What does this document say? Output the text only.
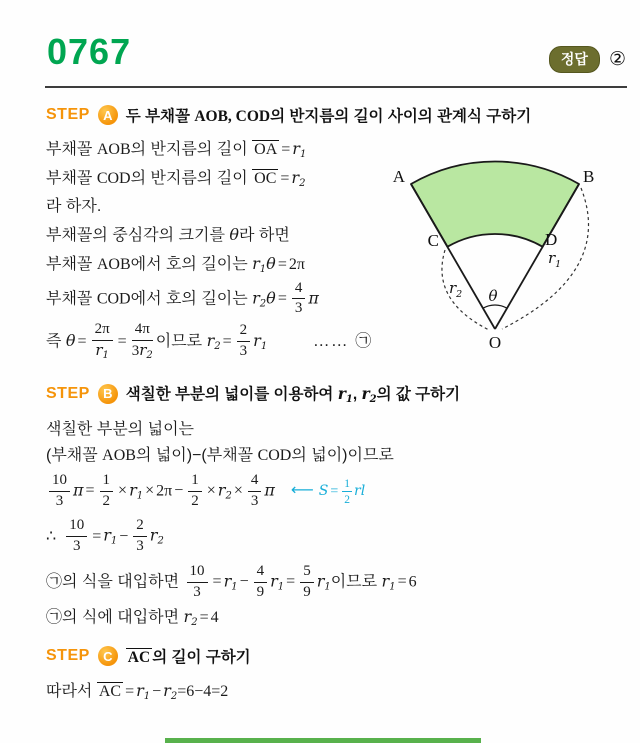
0767	정답	②
STEP	A 두 부채꼴 AOB, COD의 반지름의 길이 사이의 관계식 구하기

부채꼴 AOB의 반지름의 길이 OA = $r_1$

부채꼴 COD의 반지름의 길이 OC = $r_2$

라 하자.

부채꼴의 중심각의 크기를 θ라 하면

부채꼴 AOB에서 호의 길이는 $r_1\theta = 2\pi$

부채꼴 COD에서 호의 길이는 $r_2\theta = \frac{4}{3}$ π

즉 $\theta = \frac{2\pi}{r_1} = \frac{4\pi}{3r_2}$ 이므로 $r_2 = \frac{2}{3} r_1$	…… ㉠

STEP	B 색칠한 부분의 넓이를 이용하여 $r_1$, $r_2$의 값 구하기

색칠한 부분의 넓이는

(부채꼴 AOB의 넓이)−(부채꼴 COD의 넓이)이므로

$\frac{10}{3}$ $\pi = \frac{1}{2} \times r_1 \times 2\pi - \frac{1}{2} \times r_2 \times \frac{4}{3}$ π ⟵ $S = \frac{1}{2}$ rl

∴ $\frac{10}{3} = r_1 - \frac{2}{3} r_2$

㉠의 식을 대입하면 $\frac{10}{3} = r_1 - \frac{4}{9} r_1 = \frac{5}{9} r_1$이므로 $r_1 = 6$

㉠의 식에 대입하면 $r_2 = 4$

STEP	C AC 의 길이 구하기

따라서 AC = $r_1 - r_2=6-4=2$

A	B
C	D
O
θ
$r_1$
$r_2$
